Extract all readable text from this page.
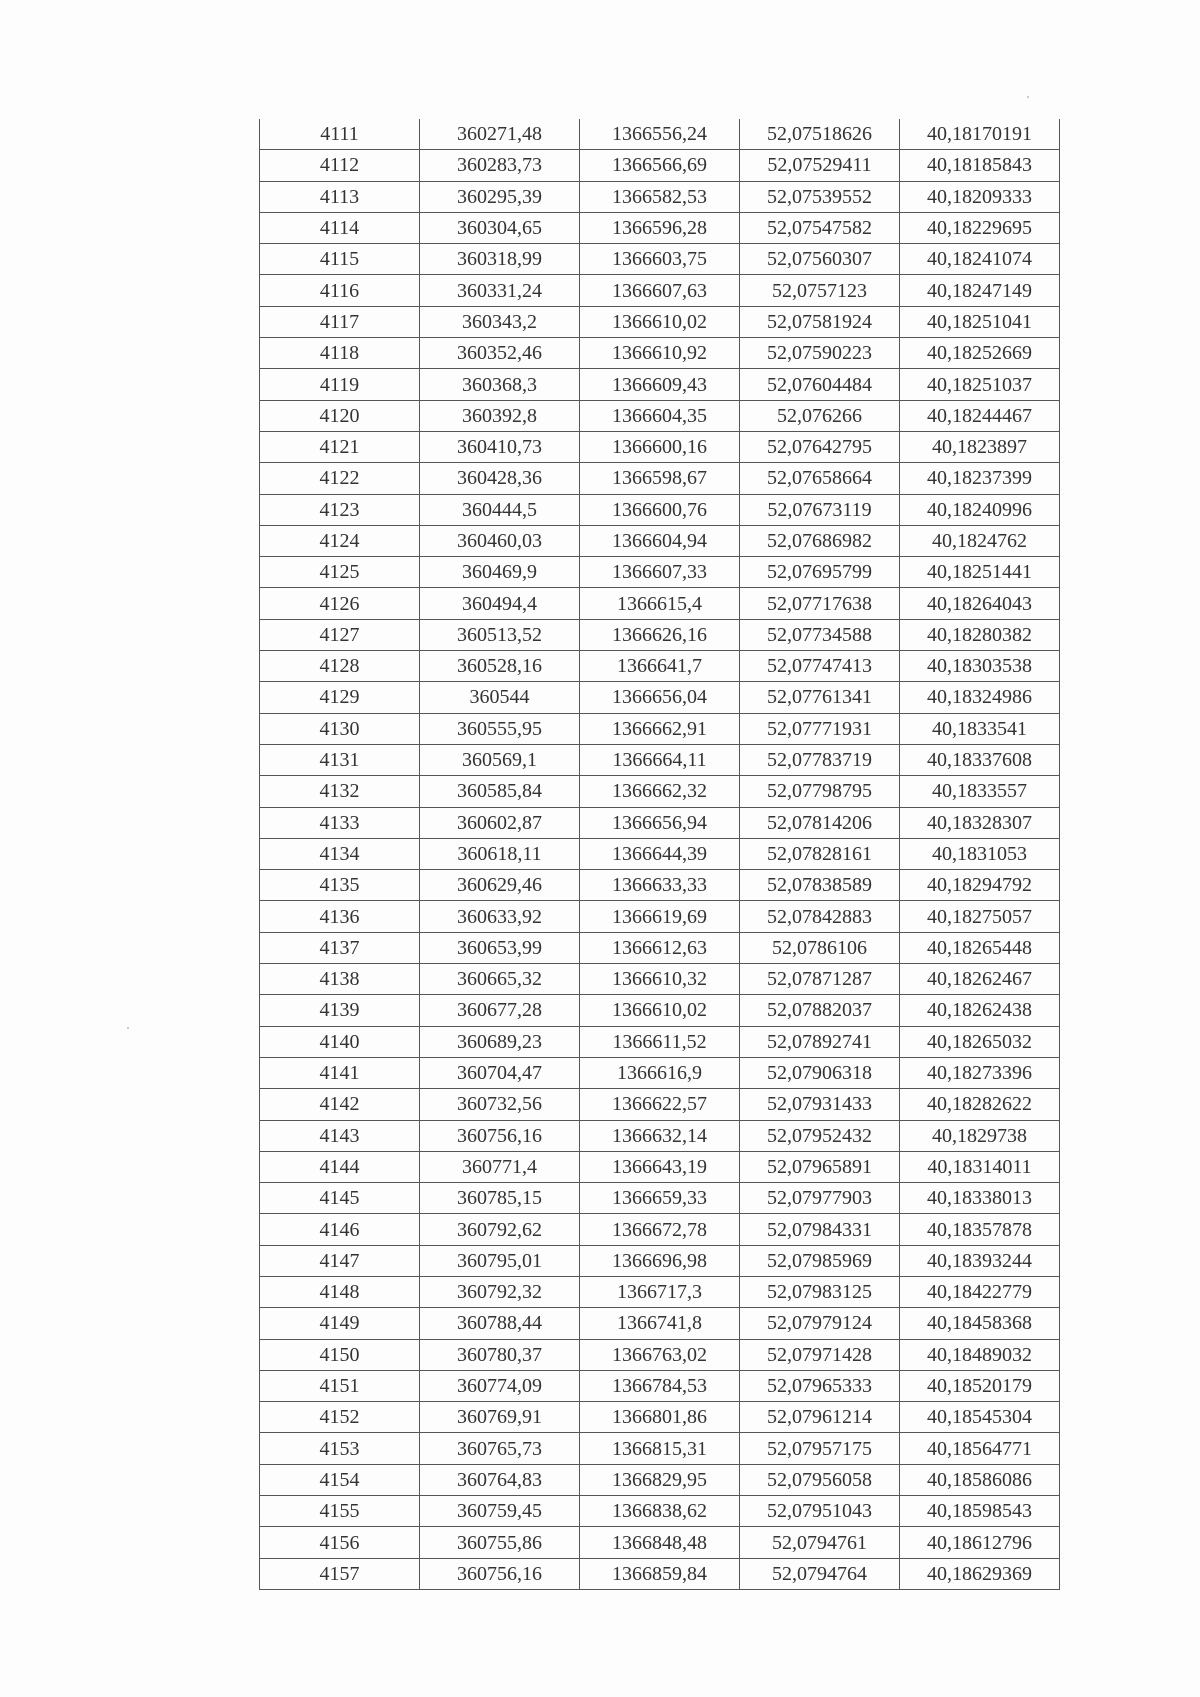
4111	360271,48	1366556,24	52,07518626	40,18170191
4112	360283,73	1366566,69	52,07529411	40,18185843
4113	360295,39	1366582,53	52,07539552	40,18209333
4114	360304,65	1366596,28	52,07547582	40,18229695
4115	360318,99	1366603,75	52,07560307	40,18241074
4116	360331,24	1366607,63	52,0757123	40,18247149
4117	360343,2	1366610,02	52,07581924	40,18251041
4118	360352,46	1366610,92	52,07590223	40,18252669
4119	360368,3	1366609,43	52,07604484	40,18251037
4120	360392,8	1366604,35	52,076266	40,18244467
4121	360410,73	1366600,16	52,07642795	40,1823897
4122	360428,36	1366598,67	52,07658664	40,18237399
4123	360444,5	1366600,76	52,07673119	40,18240996
4124	360460,03	1366604,94	52,07686982	40,1824762
4125	360469,9	1366607,33	52,07695799	40,18251441
4126	360494,4	1366615,4	52,07717638	40,18264043
4127	360513,52	1366626,16	52,07734588	40,18280382
4128	360528,16	1366641,7	52,07747413	40,18303538
4129	360544	1366656,04	52,07761341	40,18324986
4130	360555,95	1366662,91	52,07771931	40,1833541
4131	360569,1	1366664,11	52,07783719	40,18337608
4132	360585,84	1366662,32	52,07798795	40,1833557
4133	360602,87	1366656,94	52,07814206	40,18328307
4134	360618,11	1366644,39	52,07828161	40,1831053
4135	360629,46	1366633,33	52,07838589	40,18294792
4136	360633,92	1366619,69	52,07842883	40,18275057
4137	360653,99	1366612,63	52,0786106	40,18265448
4138	360665,32	1366610,32	52,07871287	40,18262467
4139	360677,28	1366610,02	52,07882037	40,18262438
4140	360689,23	1366611,52	52,07892741	40,18265032
4141	360704,47	1366616,9	52,07906318	40,18273396
4142	360732,56	1366622,57	52,07931433	40,18282622
4143	360756,16	1366632,14	52,07952432	40,1829738
4144	360771,4	1366643,19	52,07965891	40,18314011
4145	360785,15	1366659,33	52,07977903	40,18338013
4146	360792,62	1366672,78	52,07984331	40,18357878
4147	360795,01	1366696,98	52,07985969	40,18393244
4148	360792,32	1366717,3	52,07983125	40,18422779
4149	360788,44	1366741,8	52,07979124	40,18458368
4150	360780,37	1366763,02	52,07971428	40,18489032
4151	360774,09	1366784,53	52,07965333	40,18520179
4152	360769,91	1366801,86	52,07961214	40,18545304
4153	360765,73	1366815,31	52,07957175	40,18564771
4154	360764,83	1366829,95	52,07956058	40,18586086
4155	360759,45	1366838,62	52,07951043	40,18598543
4156	360755,86	1366848,48	52,0794761	40,18612796
4157	360756,16	1366859,84	52,0794764	40,18629369
